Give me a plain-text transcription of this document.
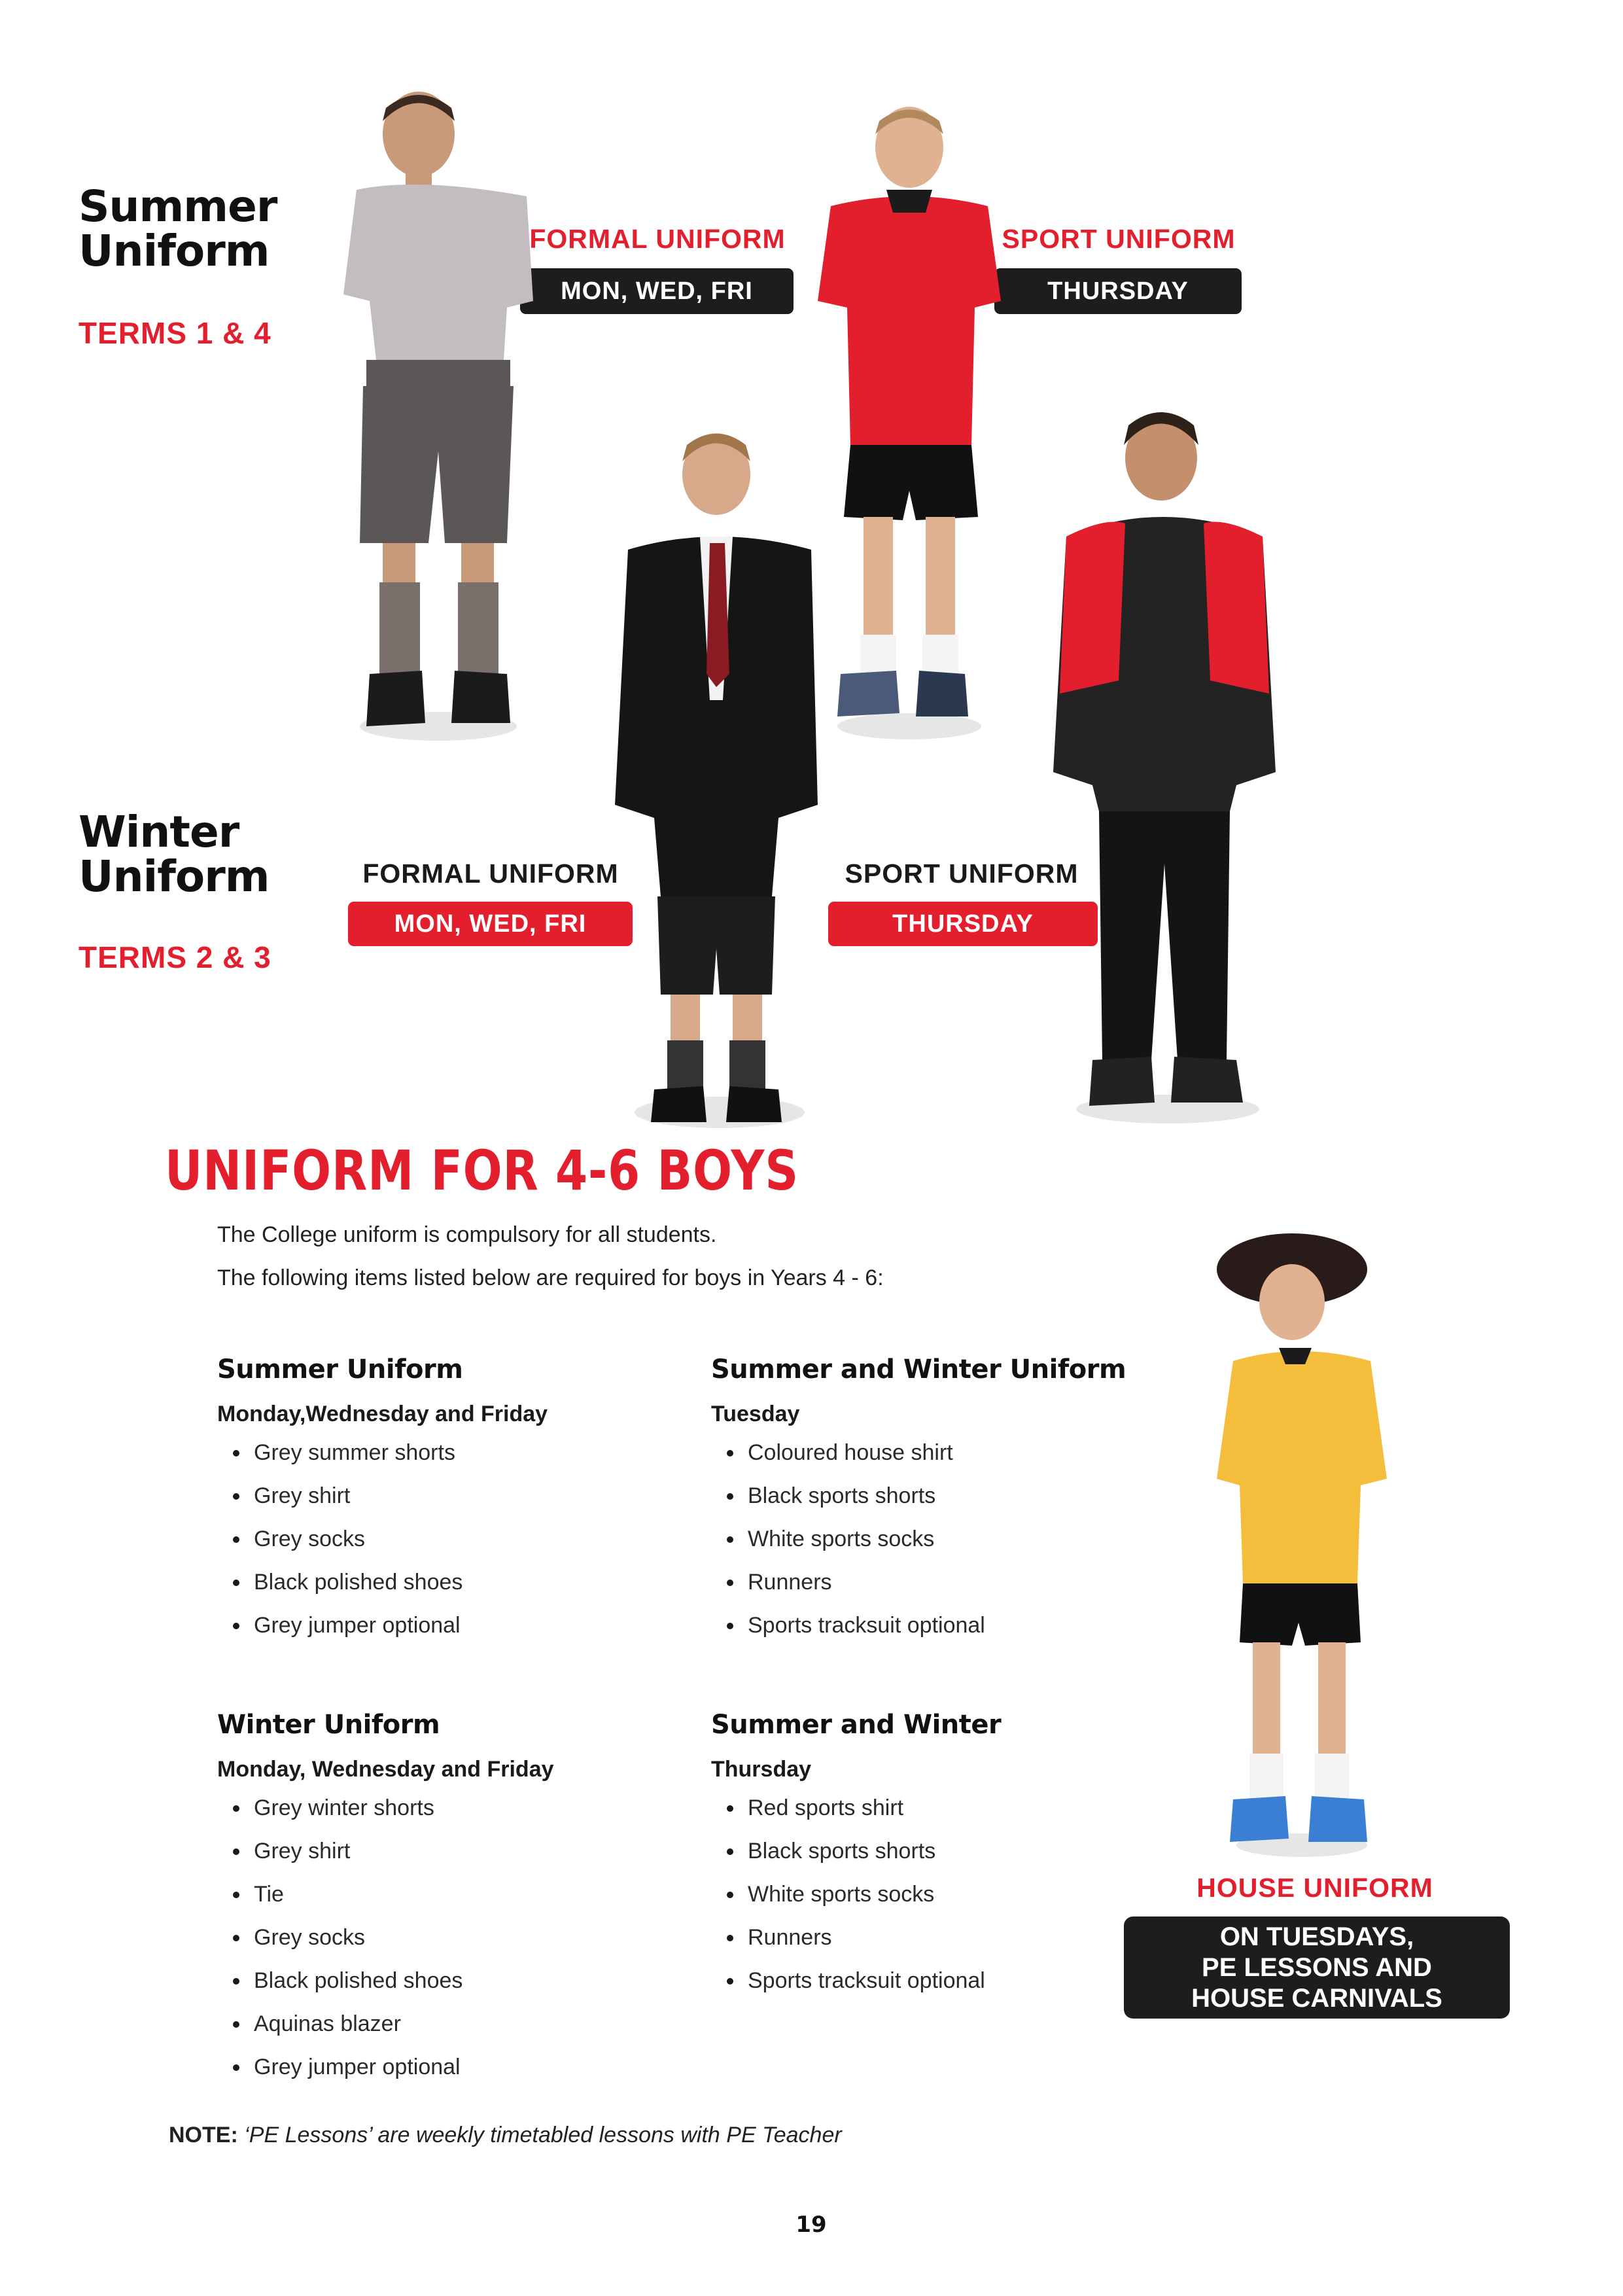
Summer
Uniform
TERMS 1 & 4
FORMAL UNIFORM
MON, WED, FRI
SPORT UNIFORM
THURSDAY
Winter
Uniform
TERMS 2 & 3
FORMAL UNIFORM
MON, WED, FRI
SPORT UNIFORM
THURSDAY
UNIFORM FOR 4-6 BOYS
The College uniform is compulsory for all students.
The following items listed below are required for boys in Years 4 - 6:
Summer Uniform
Monday,Wednesday and Friday
Grey summer shorts
Grey shirt
Grey socks
Black polished shoes
Grey jumper optional
Summer and Winter Uniform
Tuesday
Coloured house shirt
Black sports shorts
White sports socks
Runners
Sports tracksuit optional
Winter Uniform
Monday, Wednesday and Friday
Grey winter shorts
Grey shirt
Tie
Grey socks
Black polished shoes
Aquinas blazer
Grey jumper optional
Summer and Winter
Thursday
Red sports shirt
Black sports shorts
White sports socks
Runners
Sports tracksuit optional
HOUSE UNIFORM
ON TUESDAYS,
PE LESSONS AND
HOUSE CARNIVALS
NOTE: ‘PE Lessons’ are weekly timetabled lessons with PE Teacher
19
